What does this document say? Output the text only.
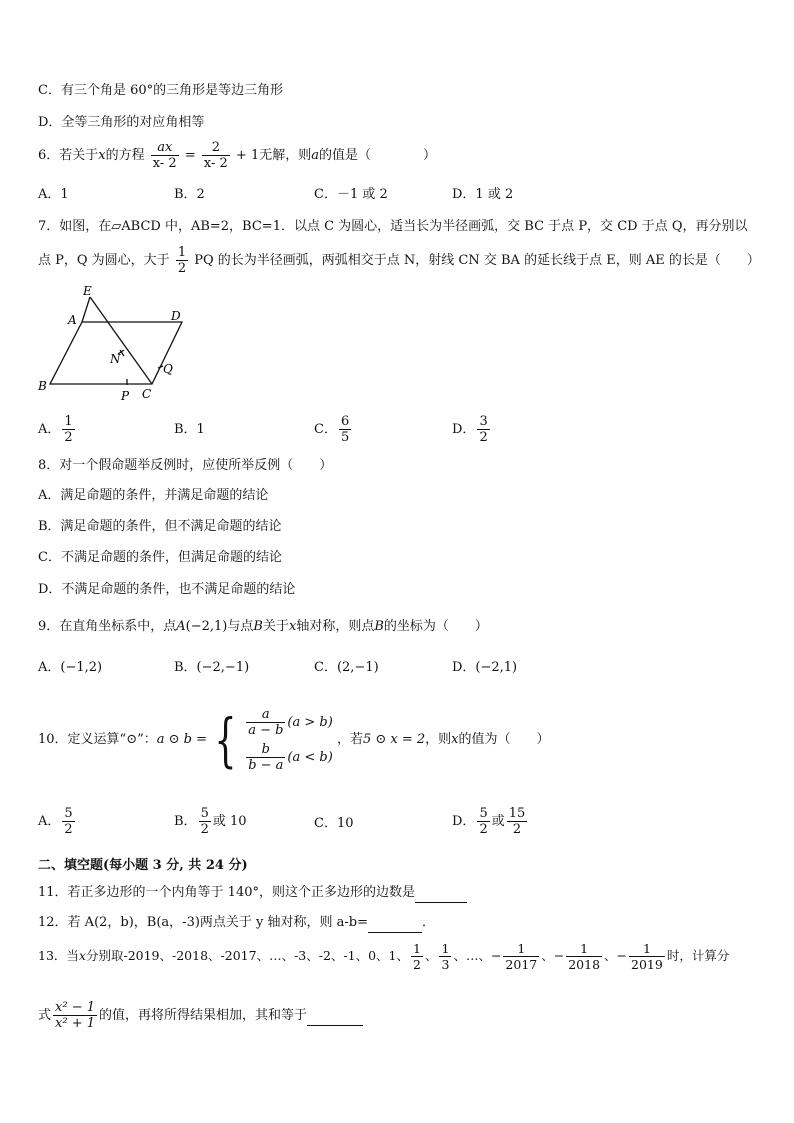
C．有三个角是 60°的三角形是等边三角形
D．全等三角形的对应角相等
6．若关于x的方程 $\frac{ax}{x- 2} = \frac{2}{x- 2} + 1$无解，则a的值是（	）
A．1	B．2	C．－1 或 2	D．1 或 2
7．如图，在▱ABCD 中，AB=2，BC=1．以点 C 为圆心，适当长为半径画弧，交 BC 于点 P，交 CD 于点 Q，再分别以
点 P，Q 为圆心，大于 $\frac{1}{2}$ PQ 的长为半径画弧，两弧相交于点 N，射线 CN 交 BA 的延长线于点 E，则 AE 的长是（ ）
E
A	D
N
Q
B
P C
A． $\frac{1}{2}$	B．1	C． $\frac{6}{5}$	D． $\frac{3}{2}$
8．对一个假命题举反例时，应使所举反例（　　）
A．满足命题的条件，并满足命题的结论
B．满足命题的条件，但不满足命题的结论
C．不满足命题的条件，但满足命题的结论
D．不满足命题的条件，也不满足命题的结论
9．在直角坐标系中，点A(−2,1)与点B关于x轴对称，则点B的坐标为（　　）
A．(−1,2)	B．(−2,−1)	C．(2,−1)	D．(−2,1)
10．定义运算“⊙”：a ⊙ b = { $\frac{a}{a - b} (a > b)$
$\frac{b}{b - a} (a < b)$
，若5 ⊙ x = 2，则x的值为（　　）
A． $\frac{5}{2}$	B． $\frac{5}{2}$ 或 10	C．10	D． $\frac{5}{2}$ 或 $\frac{15}{2}$
二、填空题(每小题 3 分, 共 24 分)
11．若正多边形的一个内角等于 140°，则这个正多边形的边数是
12．若 A(2，b)，B(a，-3)两点关于 y 轴对称，则 a-b=	．
13．当x分别取-2019、-2018、-2017、…、-3、-2、-1、0、1、 $\frac{1}{2}$ 、 $\frac{1}{3}$ 、…、− $\frac{1}{2017}$ 、− $\frac{1}{2018}$ 、− $\frac{1}{2019}$ 时，计算分
式 $\frac{\text{x² − 1}}{\text{x² + 1}}$ 的值，再将所得结果相加，其和等于
